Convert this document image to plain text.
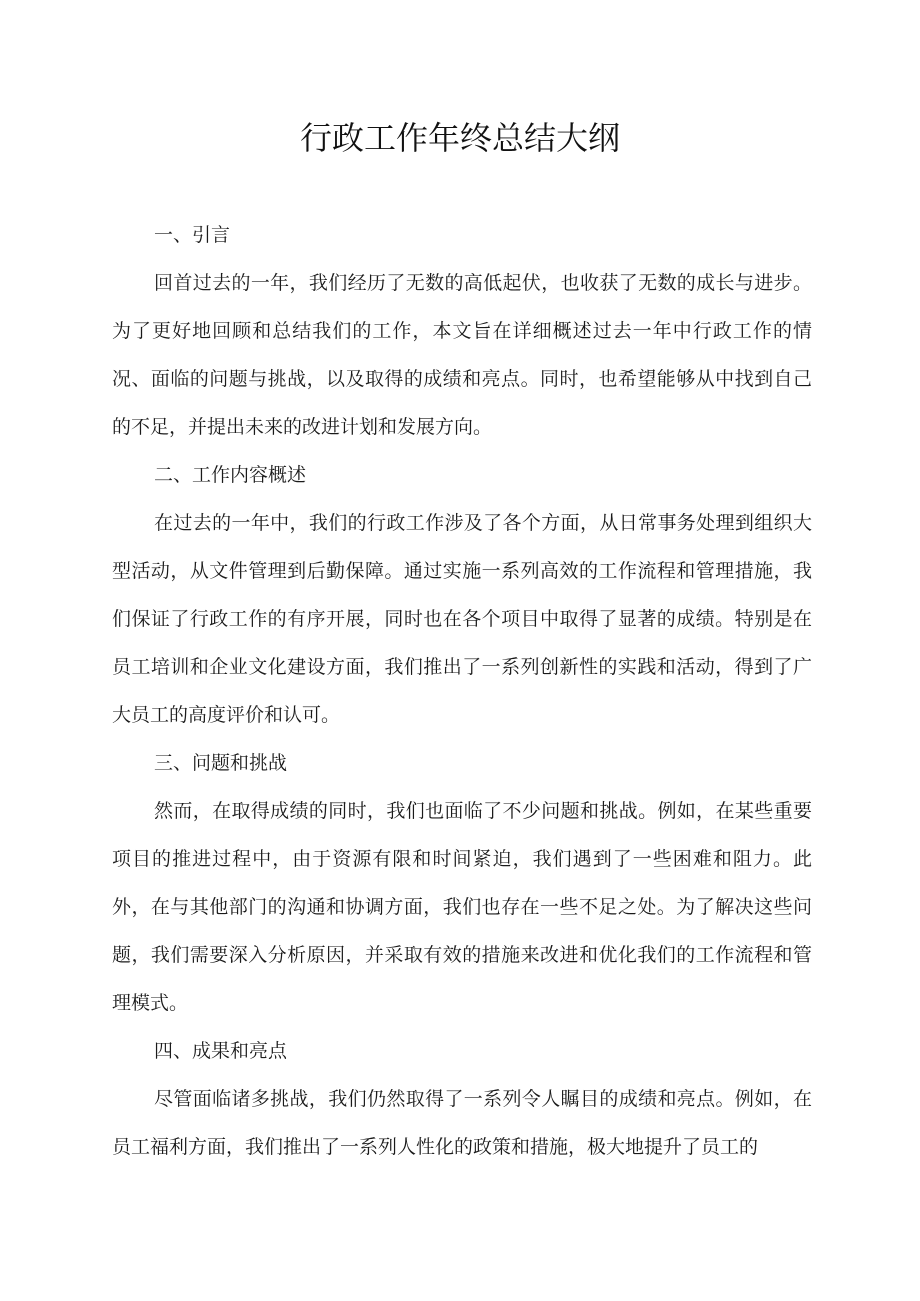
行政工作年终总结大纲

一、引言

回首过去的一年，我们经历了无数的高低起伏，也收获了无数的成长与进步。为了更好地回顾和总结我们的工作，本文旨在详细概述过去一年中行政工作的情况、面临的问题与挑战，以及取得的成绩和亮点。同时，也希望能够从中找到自己的不足，并提出未来的改进计划和发展方向。

二、工作内容概述

在过去的一年中，我们的行政工作涉及了各个方面，从日常事务处理到组织大型活动，从文件管理到后勤保障。通过实施一系列高效的工作流程和管理措施，我们保证了行政工作的有序开展，同时也在各个项目中取得了显著的成绩。特别是在员工培训和企业文化建设方面，我们推出了一系列创新性的实践和活动，得到了广大员工的高度评价和认可。

三、问题和挑战

然而，在取得成绩的同时，我们也面临了不少问题和挑战。例如，在某些重要项目的推进过程中，由于资源有限和时间紧迫，我们遇到了一些困难和阻力。此外，在与其他部门的沟通和协调方面，我们也存在一些不足之处。为了解决这些问题，我们需要深入分析原因，并采取有效的措施来改进和优化我们的工作流程和管理模式。

四、成果和亮点

尽管面临诸多挑战，我们仍然取得了一系列令人瞩目的成绩和亮点。例如，在员工福利方面，我们推出了一系列人性化的政策和措施，极大地提升了员工的
